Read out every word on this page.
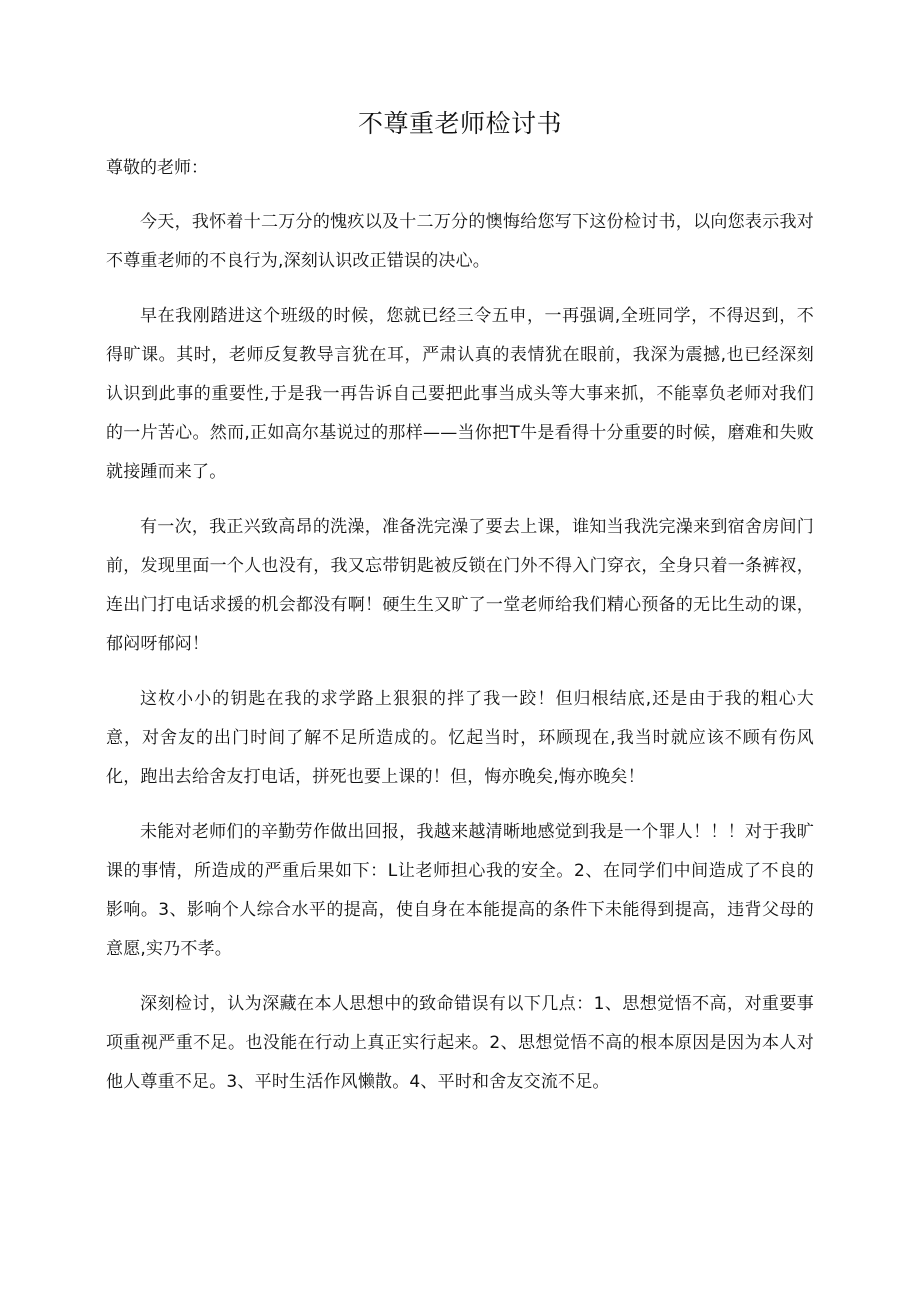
不尊重老师检讨书
尊敬的老师：

今天，我怀着十二万分的愧疚以及十二万分的懊悔给您写下这份检讨书，以向您表示我对不尊重老师的不良行为,深刻认识改正错误的决心。

早在我刚踏进这个班级的时候，您就已经三令五申，一再强调,全班同学，不得迟到，不得旷课。其时，老师反复教导言犹在耳，严肃认真的表情犹在眼前，我深为震撼,也已经深刻认识到此事的重要性,于是我一再告诉自己要把此事当成头等大事来抓，不能辜负老师对我们的一片苦心。然而,正如高尔基说过的那样——当你把T牛是看得十分重要的时候，磨难和失败就接踵而来了。

有一次，我正兴致高昂的洗澡，准备洗完澡了要去上课，谁知当我洗完澡来到宿舍房间门前，发现里面一个人也没有，我又忘带钥匙被反锁在门外不得入门穿衣，全身只着一条裤衩，连出门打电话求援的机会都没有啊！硬生生又旷了一堂老师给我们精心预备的无比生动的课，郁闷呀郁闷！

这枚小小的钥匙在我的求学路上狠狠的拌了我一跤！但归根结底,还是由于我的粗心大意，对舍友的出门时间了解不足所造成的。忆起当时，环顾现在,我当时就应该不顾有伤风化，跑出去给舍友打电话，拼死也要上课的！但，悔亦晚矣,悔亦晚矣！

未能对老师们的辛勤劳作做出回报，我越来越清晰地感觉到我是一个罪人！！！对于我旷课的事情，所造成的严重后果如下：L让老师担心我的安全。2、在同学们中间造成了不良的影响。3、影响个人综合水平的提高，使自身在本能提高的条件下未能得到提高，违背父母的意愿,实乃不孝。

深刻检讨，认为深藏在本人思想中的致命错误有以下几点：1、思想觉悟不高，对重要事项重视严重不足。也没能在行动上真正实行起来。2、思想觉悟不高的根本原因是因为本人对他人尊重不足。3、平时生活作风懒散。4、平时和舍友交流不足。
